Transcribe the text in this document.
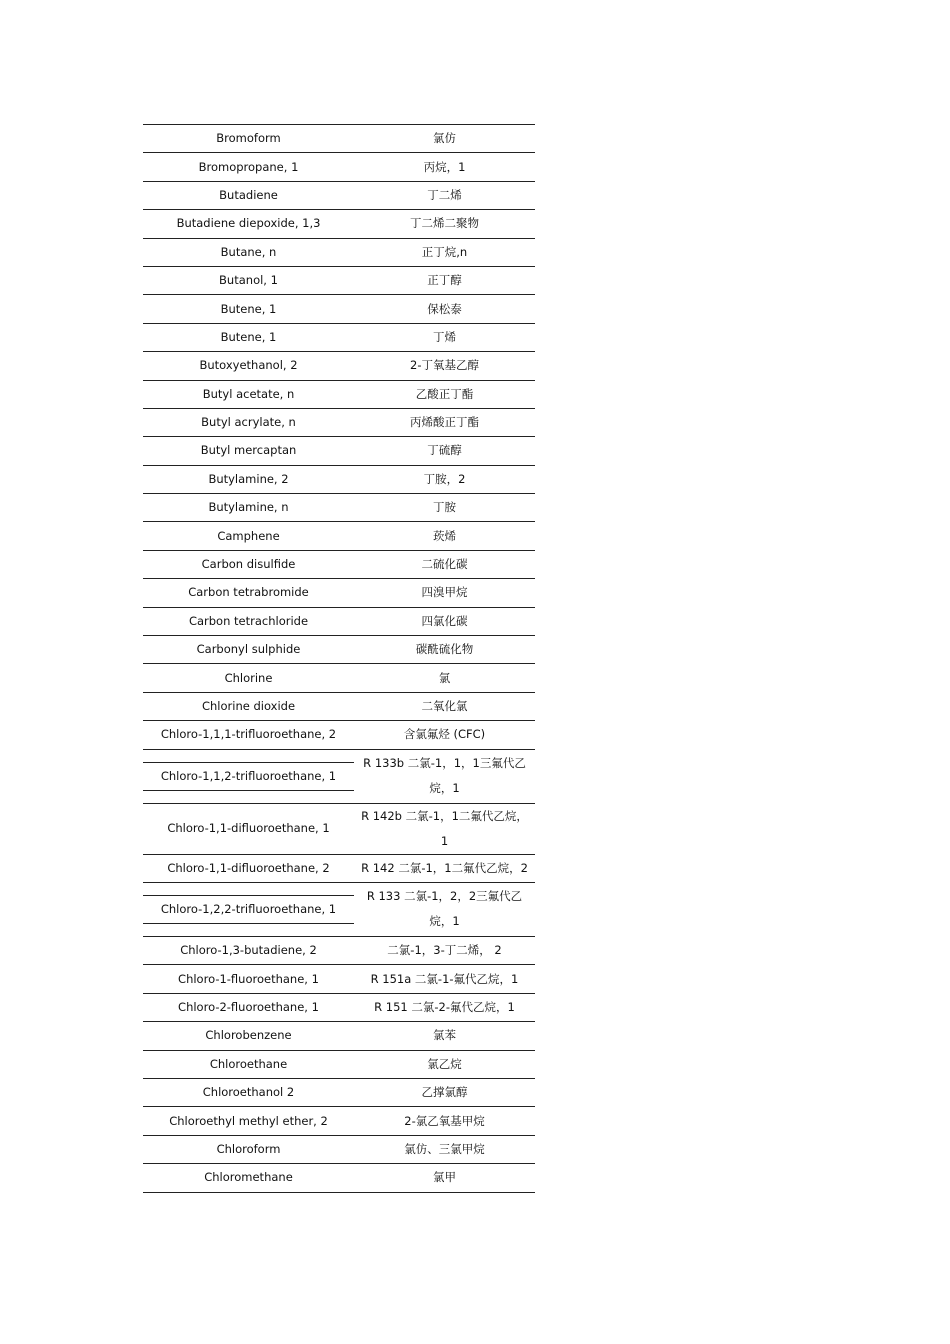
Bromoform	氯仿
Bromopropane, 1	丙烷，1
Butadiene	丁二烯
Butadiene diepoxide, 1,3	丁二烯二聚物
Butane, n	正丁烷,n
Butanol, 1	正丁醇
Butene, 1	保松泰
Butene, 1	丁烯
Butoxyethanol, 2	2-丁氧基乙醇
Butyl acetate, n	乙酸正丁酯
Butyl acrylate, n	丙烯酸正丁酯
Butyl mercaptan	丁硫醇
Butylamine, 2	丁胺，2
Butylamine, n	丁胺
Camphene	莰烯
Carbon disulfide	二硫化碳
Carbon tetrabromide	四溴甲烷
Carbon tetrachloride	四氯化碳
Carbonyl sulphide	碳酰硫化物
Chlorine	氯
Chlorine dioxide	二氧化氯
Chloro-1,1,1-trifluoroethane, 2	含氯氟烃 (CFC)
Chloro-1,1,2-trifluoroethane, 1	R 133b 二氯-1，1，1三氟代乙烷，1
Chloro-1,1-difluoroethane, 1	R 142b 二氯-1，1二氟代乙烷，1
Chloro-1,1-difluoroethane, 2	R 142 二氯-1，1二氟代乙烷，2
Chloro-1,2,2-trifluoroethane, 1	R 133 二氯-1，2，2三氟代乙烷，1
Chloro-1,3-butadiene, 2	二氯-1，3-丁二烯， 2
Chloro-1-fluoroethane, 1	R 151a 二氯-1-氟代乙烷，1
Chloro-2-fluoroethane, 1	R 151 二氯-2-氟代乙烷，1
Chlorobenzene	氯苯
Chloroethane	氯乙烷
Chloroethanol 2	乙撑氯醇
Chloroethyl methyl ether, 2	2-氯乙氧基甲烷
Chloroform	氯仿、三氯甲烷
Chloromethane	氯甲
